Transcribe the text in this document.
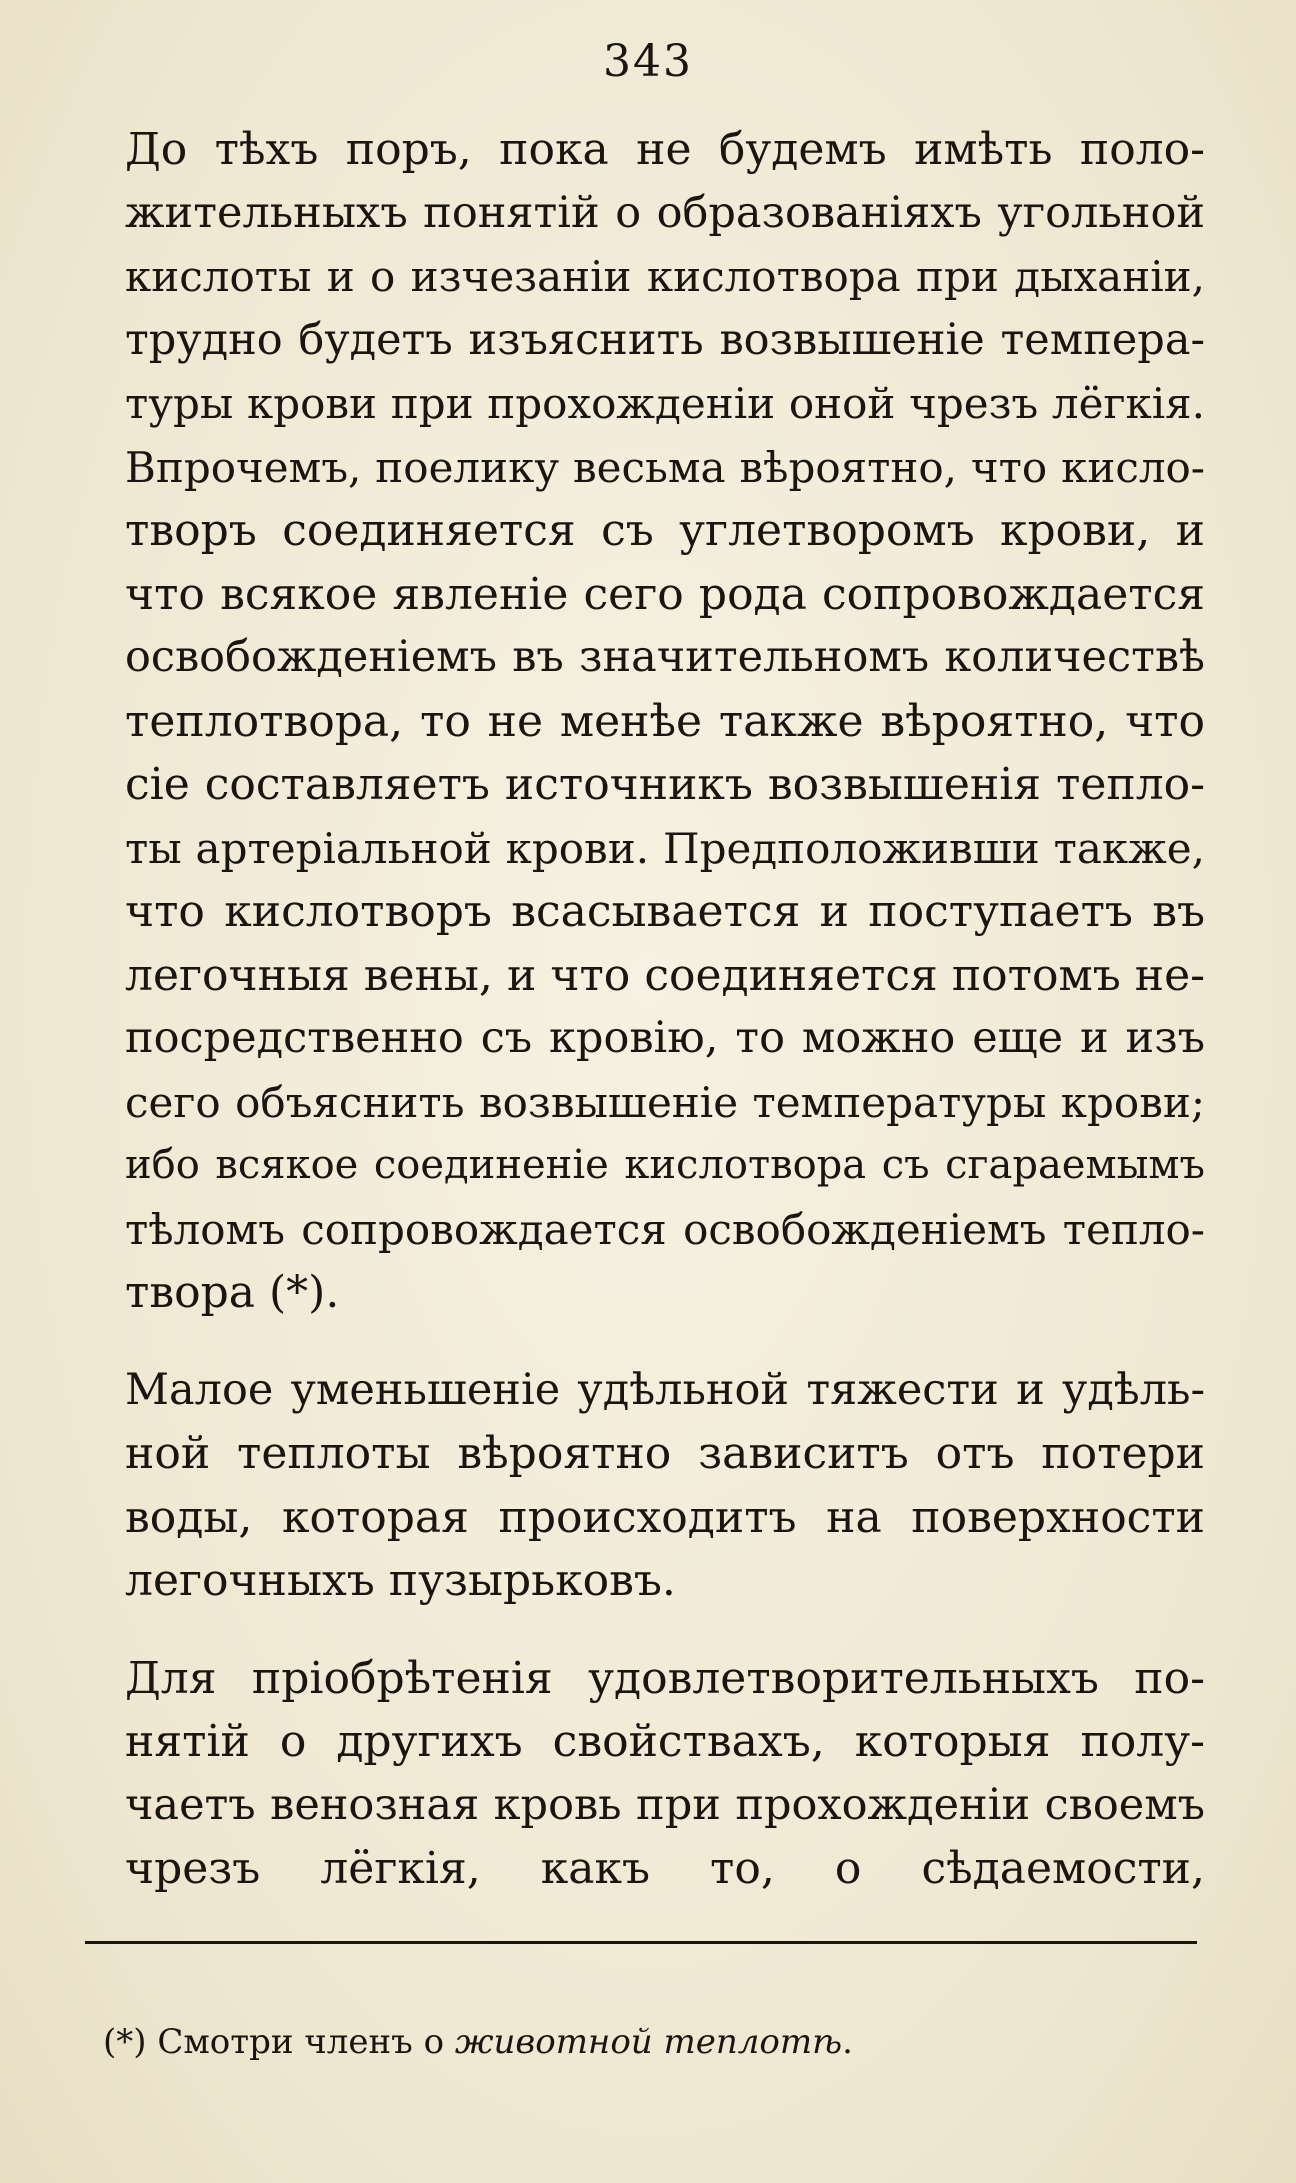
343
До тѣхъ поръ, пока не будемъ имѣть поло-
жительныхъ понятій о образованіяхъ угольной
кислоты и о изчезаніи кислотвора при дыханіи,
трудно будетъ изъяснить возвышеніе темпера-
туры крови при прохожденіи оной чрезъ лёгкія.
Впрочемъ, поелику весьма вѣроятно, что кисло-
творъ соединяется съ углетворомъ крови, и
что всякое явленіе сего рода сопровождается
освобожденіемъ въ значительномъ количествѣ
теплотвора, то не менѣе также вѣроятно, что
сіе составляетъ источникъ возвышенія тепло-
ты артеріальной крови. Предположивши также,
что кислотворъ всасывается и поступаетъ въ
легочныя вены, и что соединяется потомъ не-
посредственно съ кровію, то можно еще и изъ
сего объяснить возвышеніе температуры крови;
ибо всякое соединеніе кислотвора съ сгараемымъ
тѣломъ сопровождается освобожденіемъ тепло-
твора (*).
Малое уменьшеніе удѣльной тяжести и удѣль-
ной теплоты вѣроятно зависитъ отъ потери
воды, которая происходитъ на поверхности
легочныхъ пузырьковъ.
Для пріобрѣтенія удовлетворительныхъ по-
нятій о другихъ свойствахъ, которыя полу-
чаетъ венозная кровь при прохожденіи своемъ
чрезъ лёгкія, какъ то, о сѣдаемости,
(*) Смотри членъ о животной теплотѣ.
